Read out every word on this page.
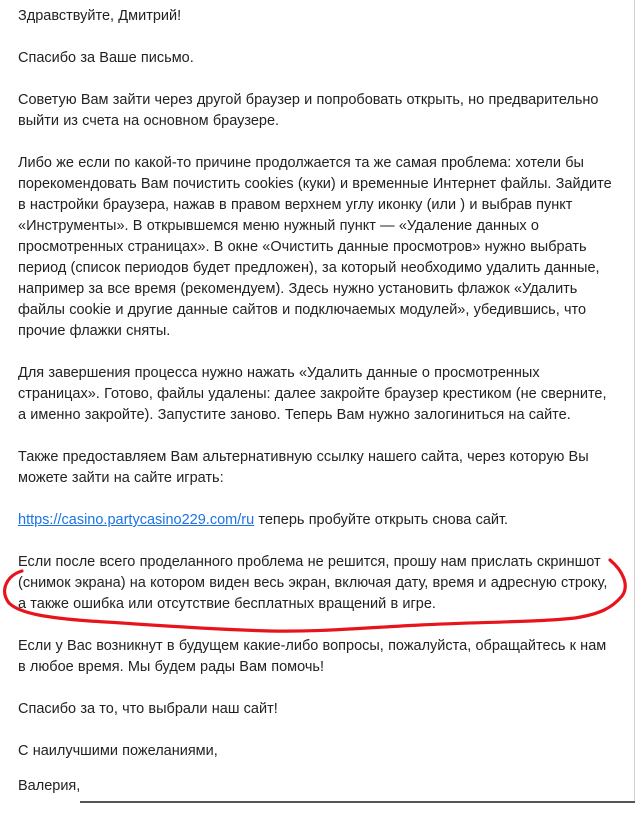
Здравствуйте, Дмитрий!

Спасибо за Ваше письмо.

Советую Вам зайти через другой браузер и попробовать открыть, но предварительно выйти из счета на основном браузере.

Либо же если по какой-то причине продолжается та же самая проблема: хотели бы порекомендовать Вам почистить cookies (куки) и временные Интернет файлы. Зайдите в настройки браузера, нажав в правом верхнем углу иконку (или ) и выбрав пункт «Инструменты». В открывшемся меню нужный пункт — «Удаление данных о просмотренных страницах». В окне «Очистить данные просмотров» нужно выбрать период (список периодов будет предложен), за который необходимо удалить данные, например за все время (рекомендуем). Здесь нужно установить флажок «Удалить файлы cookie и другие данные сайтов и подключаемых модулей», убедившись, что прочие флажки сняты.

Для завершения процесса нужно нажать «Удалить данные о просмотренных страницах». Готово, файлы удалены: далее закройте браузер крестиком (не сверните, а именно закройте). Запустите заново. Теперь Вам нужно залогиниться на сайте.

Также предоставляем Вам альтернативную ссылку нашего сайта, через которую Вы можете зайти на сайте играть:

https://casino.partycasino229.com/ru теперь пробуйте открыть снова сайт.

Если после всего проделанного проблема не решится, прошу нам прислать скриншот (снимок экрана) на котором виден весь экран, включая дату, время и адресную строку, а также ошибка или отсутствие бесплатных вращений в игре.

Если у Вас возникнут в будущем какие-либо вопросы, пожалуйста, обращайтесь к нам в любое время. Мы будем рады Вам помочь!

Спасибо за то, что выбрали наш сайт!

С наилучшими пожеланиями,

Валерия,
